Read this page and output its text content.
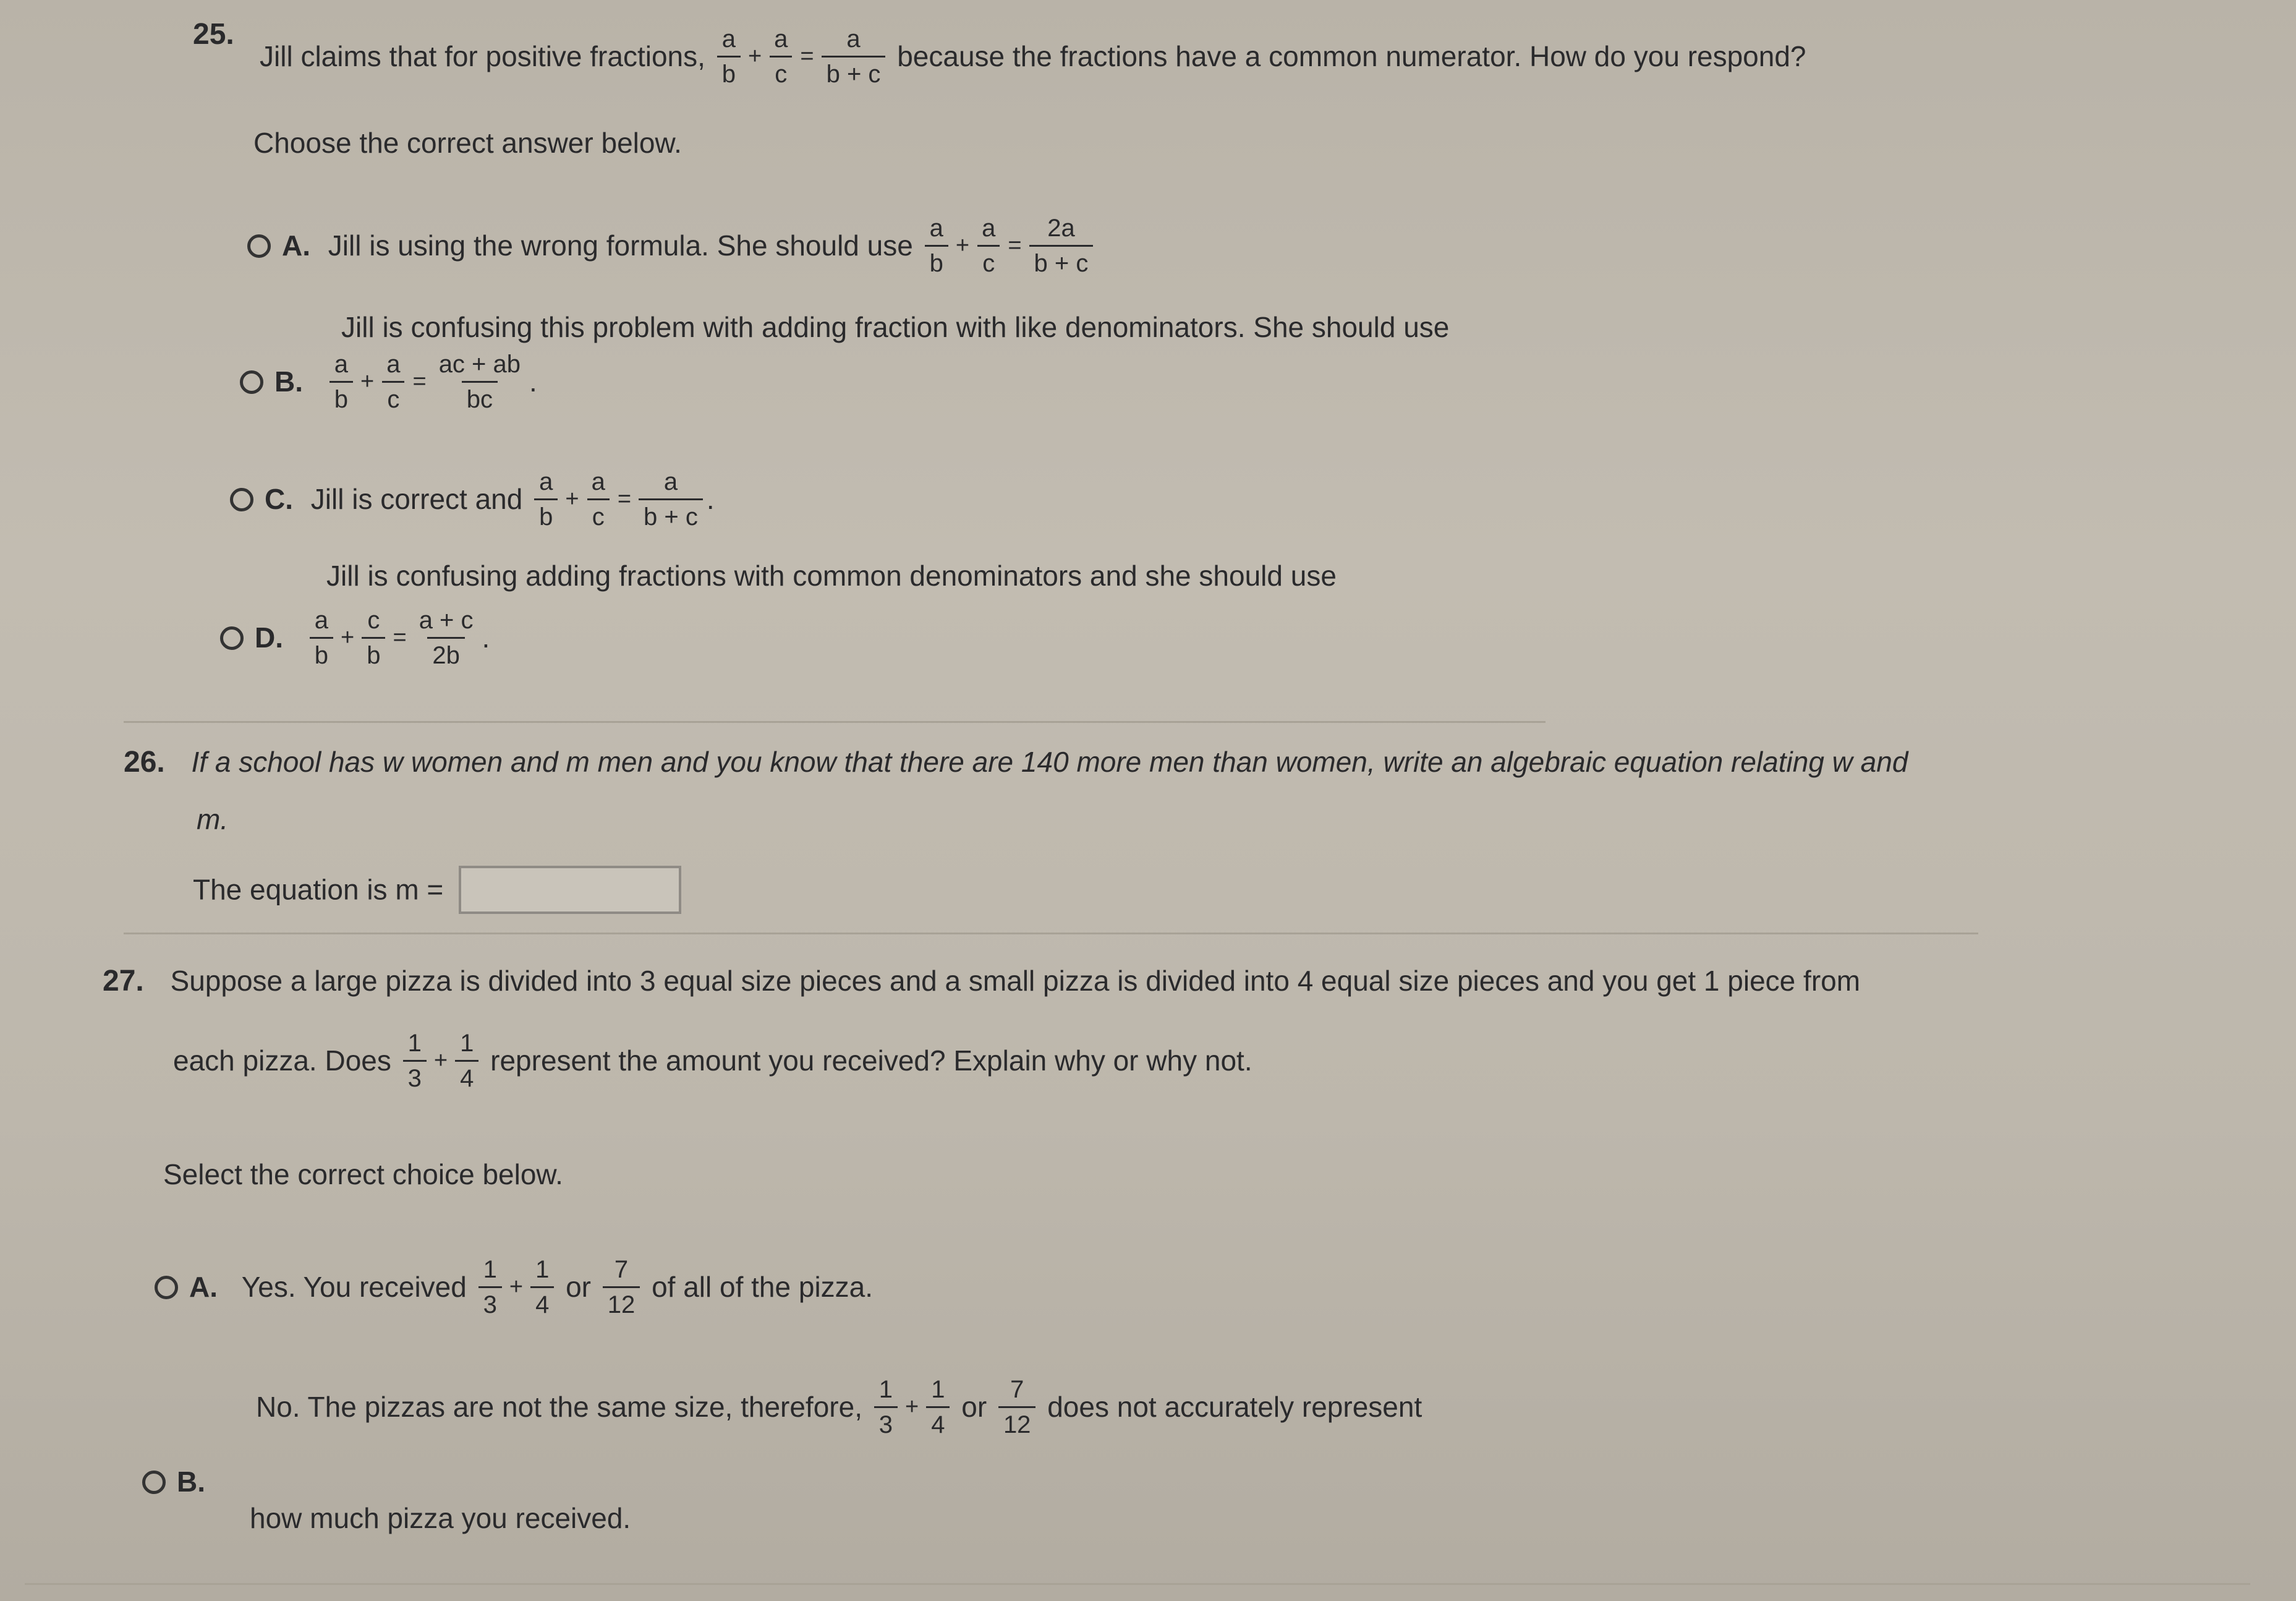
25.
Jill claims that for positive fractions, $\frac{a}{b} + \frac{a}{c} = \frac{a}{b + c}$ because the fractions have a common numerator. How do you respond?
Choose the correct answer below.
A. Jill is using the wrong formula. She should use $\frac{a}{b} + \frac{a}{c} = \frac{2a}{b + c}$
Jill is confusing this problem with adding fraction with like denominators. She should use
B. $\frac{a}{b} + \frac{a}{c} = \frac{ac + ab}{bc}$ .
C. Jill is correct and $\frac{a}{b} + \frac{a}{c} = \frac{a}{b + c}$ .
Jill is confusing adding fractions with common denominators and she should use
D. $\frac{a}{b} + \frac{c}{b} = \frac{a + c}{2b}$ .
26. If a school has w women and m men and you know that there are 140 more men than women, write an algebraic equation relating w and
m.
The equation is m =
27. Suppose a large pizza is divided into 3 equal size pieces and a small pizza is divided into 4 equal size pieces and you get 1 piece from
each pizza. Does $\frac{1}{3} + \frac{1}{4}$ represent the amount you received? Explain why or why not.
Select the correct choice below.
A. Yes. You received $\frac{1}{3} + \frac{1}{4}$ or $\frac{7}{12}$ of all of the pizza.
No. The pizzas are not the same size, therefore, $\frac{1}{3} + \frac{1}{4}$ or $\frac{7}{12}$ does not accurately represent
B.
how much pizza you received.
